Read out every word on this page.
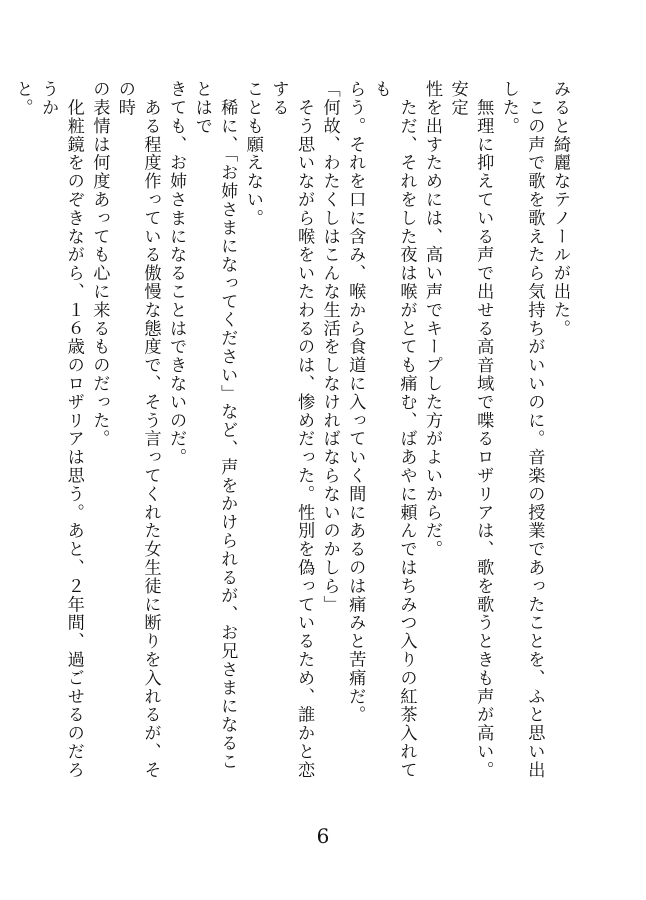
みると綺麗なテノールが出た。

　この声で歌を歌えたら気持ちがいいのに。音楽の授業であったことを、ふと思い出した。

　無理に抑えている声で出せる高音域で喋るロザリアは、歌を歌うときも声が高い。安定

性を出すためには、高い声でキープした方がよいからだ。

　ただ、それをした夜は喉がとても痛む、ばあやに頼んではちみつ入りの紅茶入れても

らう。それを口に含み、喉から食道に入っていく間にあるのは痛みと苦痛だ。

「何故、わたくしはこんな生活をしなければならないのかしら」

　そう思いながら喉をいたわるのは、惨めだった。性別を偽っているため、誰かと恋する

ことも願えない。

　稀に、「お姉さまになってください」など、声をかけられるが、お兄さまになることはで

きても、お姉さまになることはできないのだ。

　ある程度作っている傲慢な態度で、そう言ってくれた女生徒に断りを入れるが、その時

の表情は何度あっても心に来るものだった。

　化粧鏡をのぞきながら、１６歳のロザリアは思う。あと、２年間、過ごせるのだろうか

と。

6
